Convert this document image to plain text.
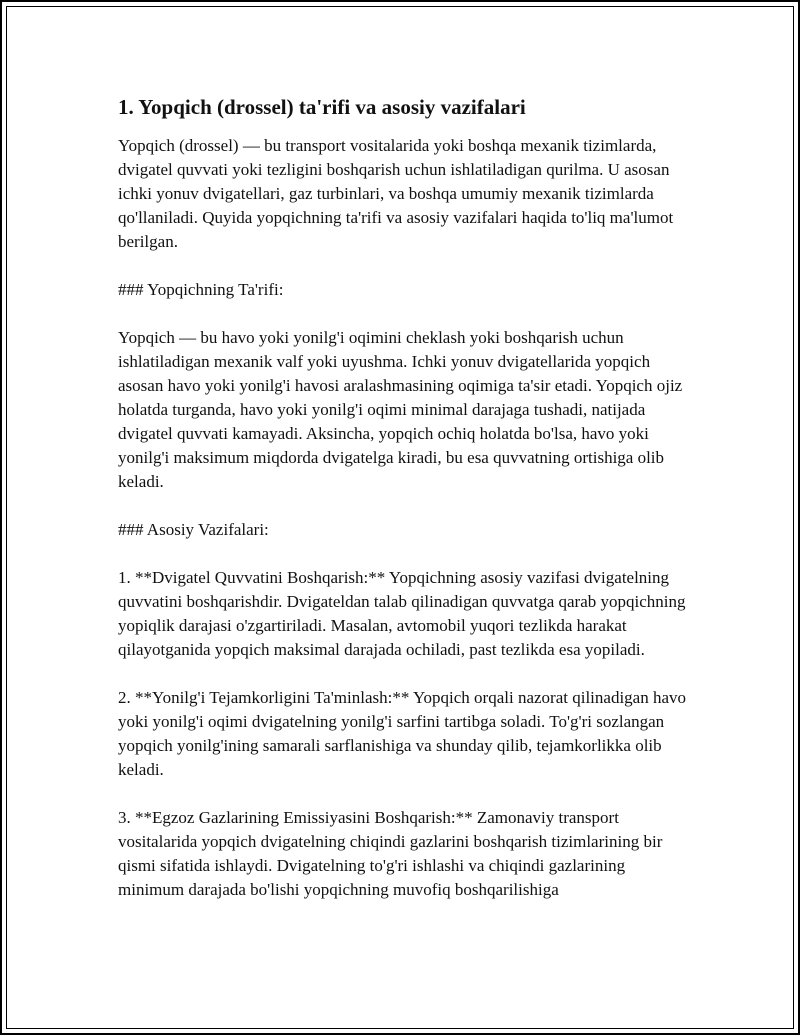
1. Yopqich (drossel) ta'rifi va asosiy vazifalari

Yopqich (drossel) — bu transport vositalarida yoki boshqa mexanik tizimlarda, dvigatel quvvati yoki tezligini boshqarish uchun ishlatiladigan qurilma. U asosan ichki yonuv dvigatellari, gaz turbinlari, va boshqa umumiy mexanik tizimlarda qo'llaniladi. Quyida yopqichning ta'rifi va asosiy vazifalari haqida to'liq ma'lumot berilgan.

### Yopqichning Ta'rifi:

Yopqich — bu havo yoki yonilg'i oqimini cheklash yoki boshqarish uchun ishlatiladigan mexanik valf yoki uyushma. Ichki yonuv dvigatellarida yopqich asosan havo yoki yonilg'i havosi aralashmasining oqimiga ta'sir etadi. Yopqich ojiz holatda turganda, havo yoki yonilg'i oqimi minimal darajaga tushadi, natijada dvigatel quvvati kamayadi. Aksincha, yopqich ochiq holatda bo'lsa, havo yoki yonilg'i maksimum miqdorda dvigatelga kiradi, bu esa quvvatning ortishiga olib keladi.

### Asosiy Vazifalari:

1. **Dvigatel Quvvatini Boshqarish:** Yopqichning asosiy vazifasi dvigatelning quvvatini boshqarishdir. Dvigateldan talab qilinadigan quvvatga qarab yopqichning yopiqlik darajasi o'zgartiriladi. Masalan, avtomobil yuqori tezlikda harakat qilayotganida yopqich maksimal darajada ochiladi, past tezlikda esa yopiladi.

2. **Yonilg'i Tejamkorligini Ta'minlash:** Yopqich orqali nazorat qilinadigan havo yoki yonilg'i oqimi dvigatelning yonilg'i sarfini tartibga soladi. To'g'ri sozlangan yopqich yonilg'ining samarali sarflanishiga va shunday qilib, tejamkorlikka olib keladi.

3. **Egzoz Gazlarining Emissiyasini Boshqarish:** Zamonaviy transport vositalarida yopqich dvigatelning chiqindi gazlarini boshqarish tizimlarining bir qismi sifatida ishlaydi. Dvigatelning to'g'ri ishlashi va chiqindi gazlarining minimum darajada bo'lishi yopqichning muvofiq boshqarilishiga
